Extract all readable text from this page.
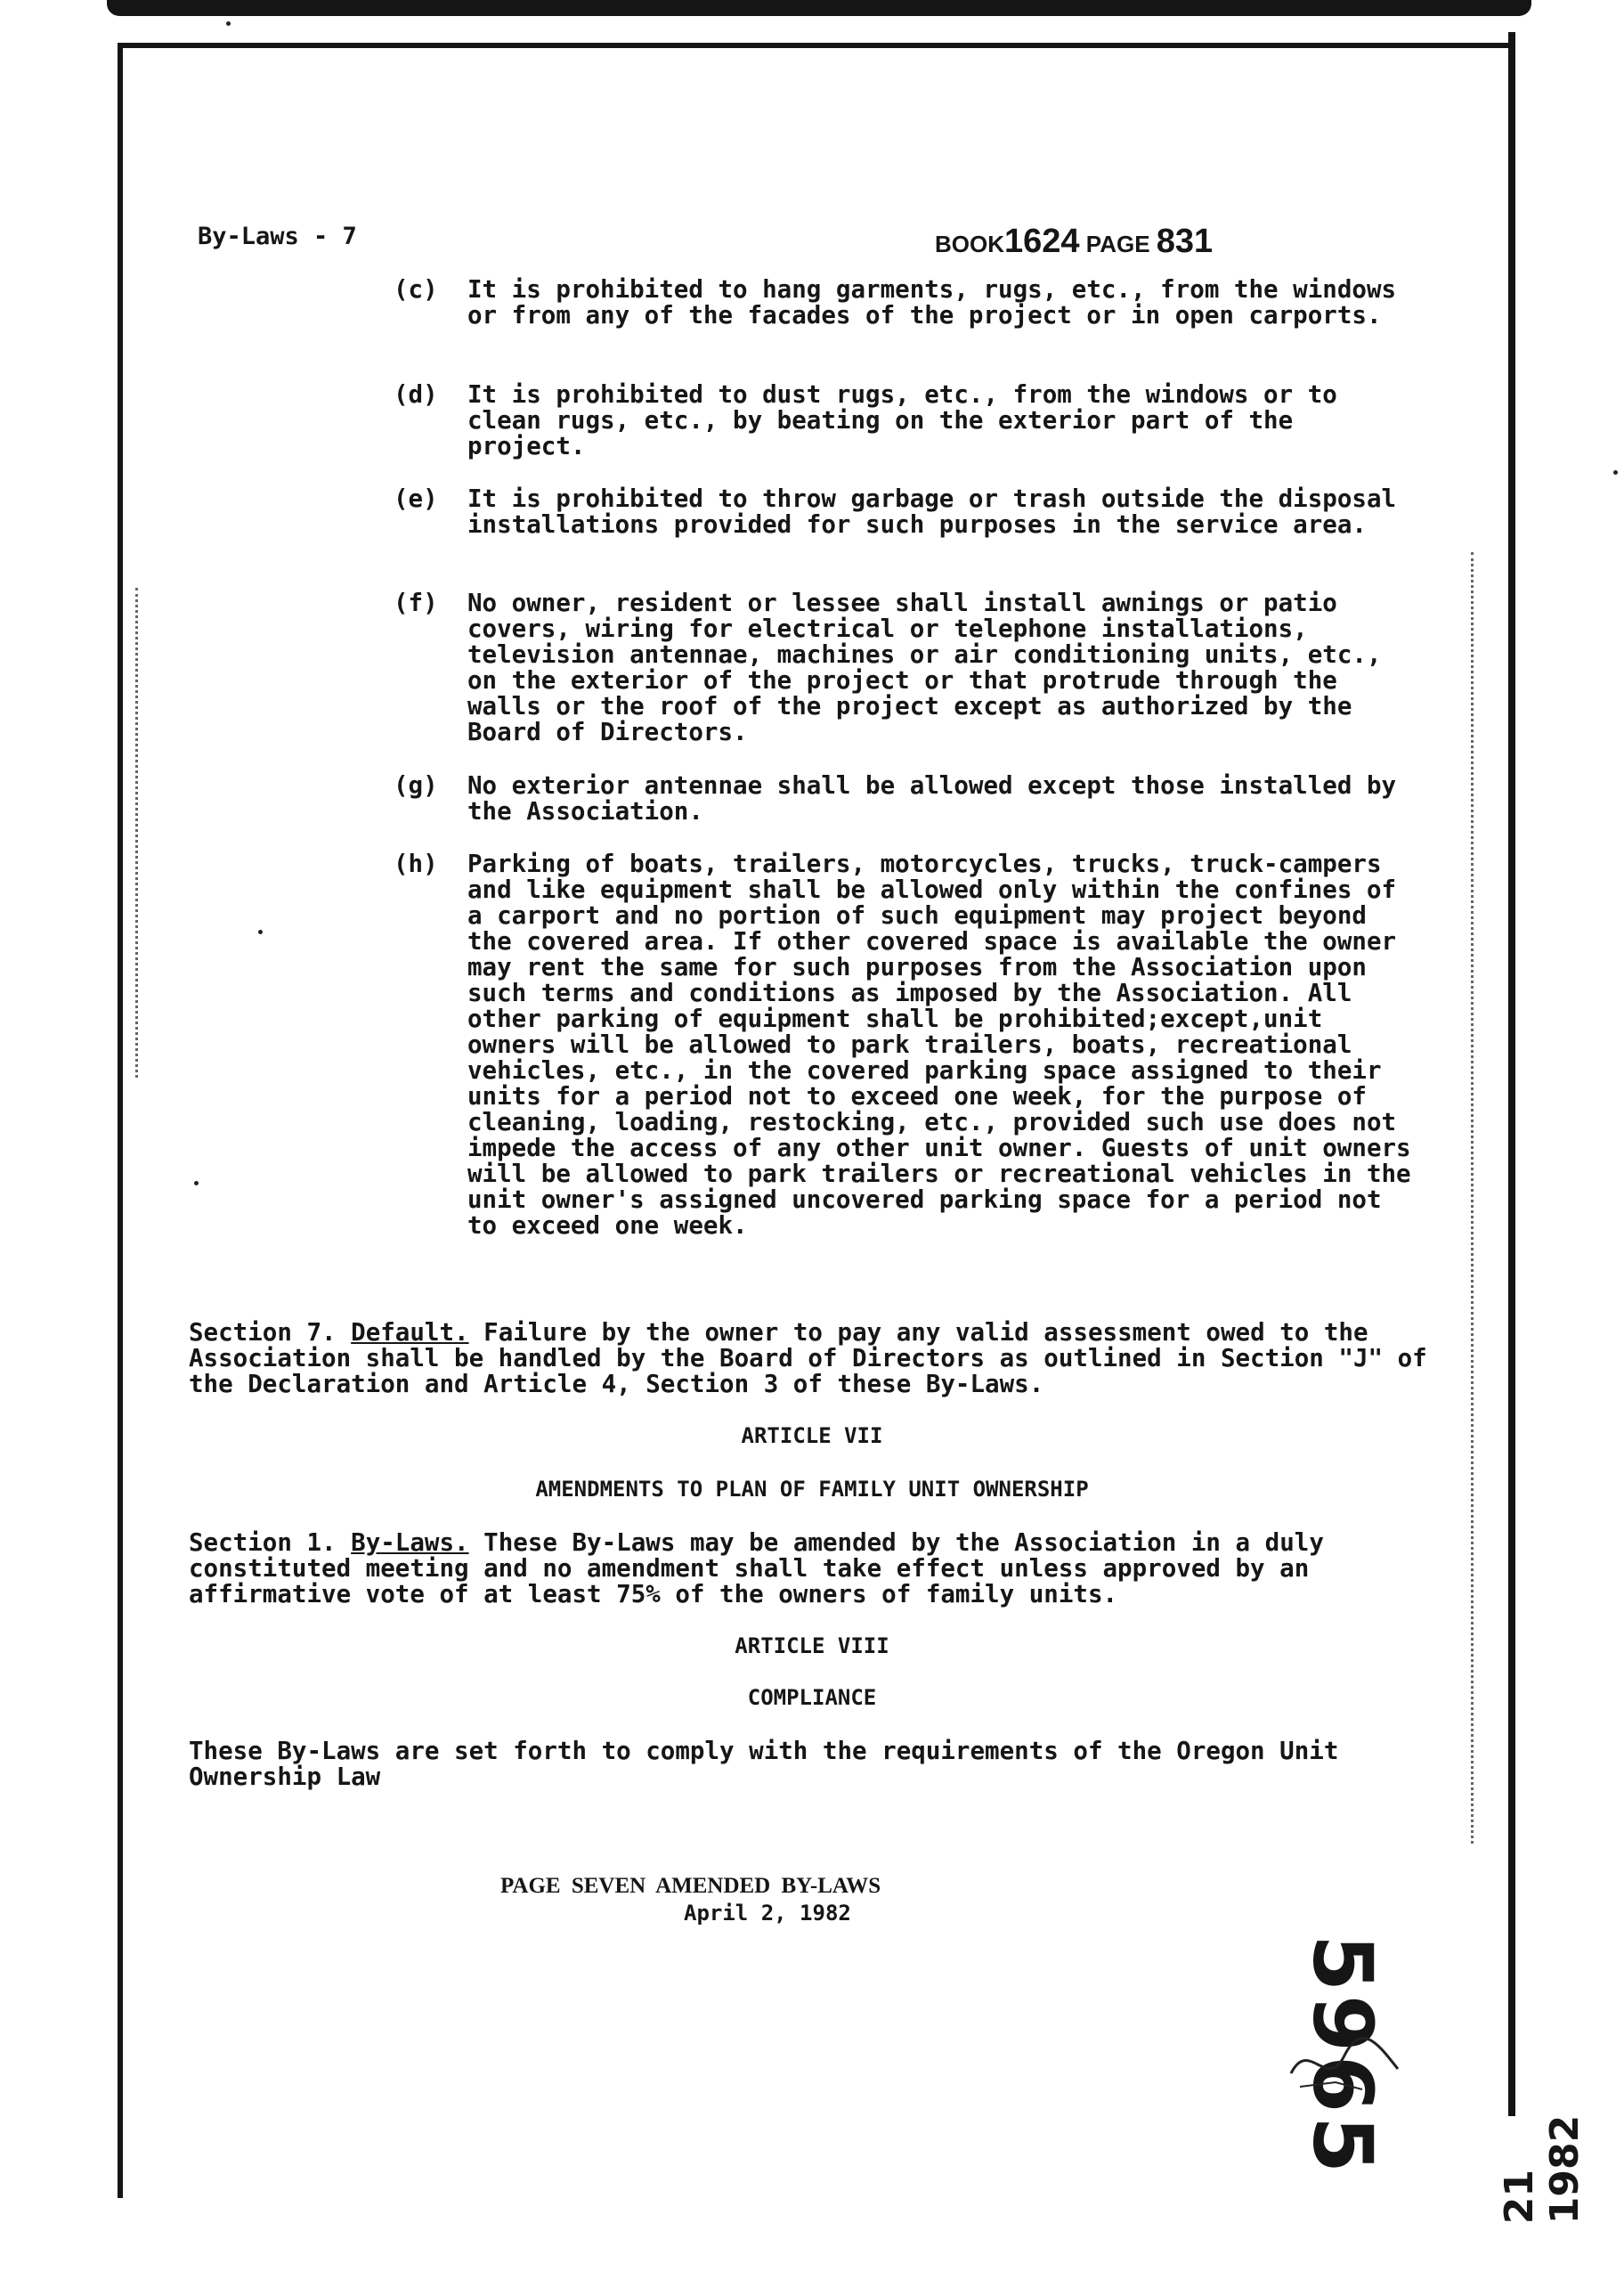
By-Laws - 7	BOOK1624 PAGE 831
(c) It is prohibited to hang garments, rugs, etc., from the windows or from any of the facades of the project or in open carports.
(d) It is prohibited to dust rugs, etc., from the windows or to clean rugs, etc., by beating on the exterior part of the project.
(e) It is prohibited to throw garbage or trash outside the disposal installations provided for such purposes in the service area.
(f) No owner, resident or lessee shall install awnings or patio covers, wiring for electrical or telephone installations, television antennae, machines or air conditioning units, etc., on the exterior of the project or that protrude through the walls or the roof of the project except as authorized by the Board of Directors.
(g) No exterior antennae shall be allowed except those installed by the Association.
(h) Parking of boats, trailers, motorcycles, trucks, truck-campers and like equipment shall be allowed only within the confines of a carport and no portion of such equipment may project beyond the covered area. If other covered space is available the owner may rent the same for such purposes from the Association upon such terms and conditions as imposed by the Association. All other parking of equipment shall be prohibited;except,unit owners will be allowed to park trailers, boats, recreational vehicles, etc., in the covered parking space assigned to their units for a period not to exceed one week, for the purpose of cleaning, loading, restocking, etc., provided such use does not impede the access of any other unit owner. Guests of unit owners will be allowed to park trailers or recreational vehicles in the unit owner's assigned uncovered parking space for a period not to exceed one week.
Section 7. Default. Failure by the owner to pay any valid assessment owed to the Association shall be handled by the Board of Directors as outlined in Section "J" of the Declaration and Article 4, Section 3 of these By-Laws.
ARTICLE VII
AMENDMENTS TO PLAN OF FAMILY UNIT OWNERSHIP
Section 1. By-Laws. These By-Laws may be amended by the Association in a duly constituted meeting and no amendment shall take effect unless approved by an affirmative vote of at least 75% of the owners of family units.
ARTICLE VIII
COMPLIANCE
These By-Laws are set forth to comply with the requirements of the Oregon Unit Ownership Law
PAGE SEVEN AMENDED BY-LAWS
April 2, 1982
5965
21 1982
